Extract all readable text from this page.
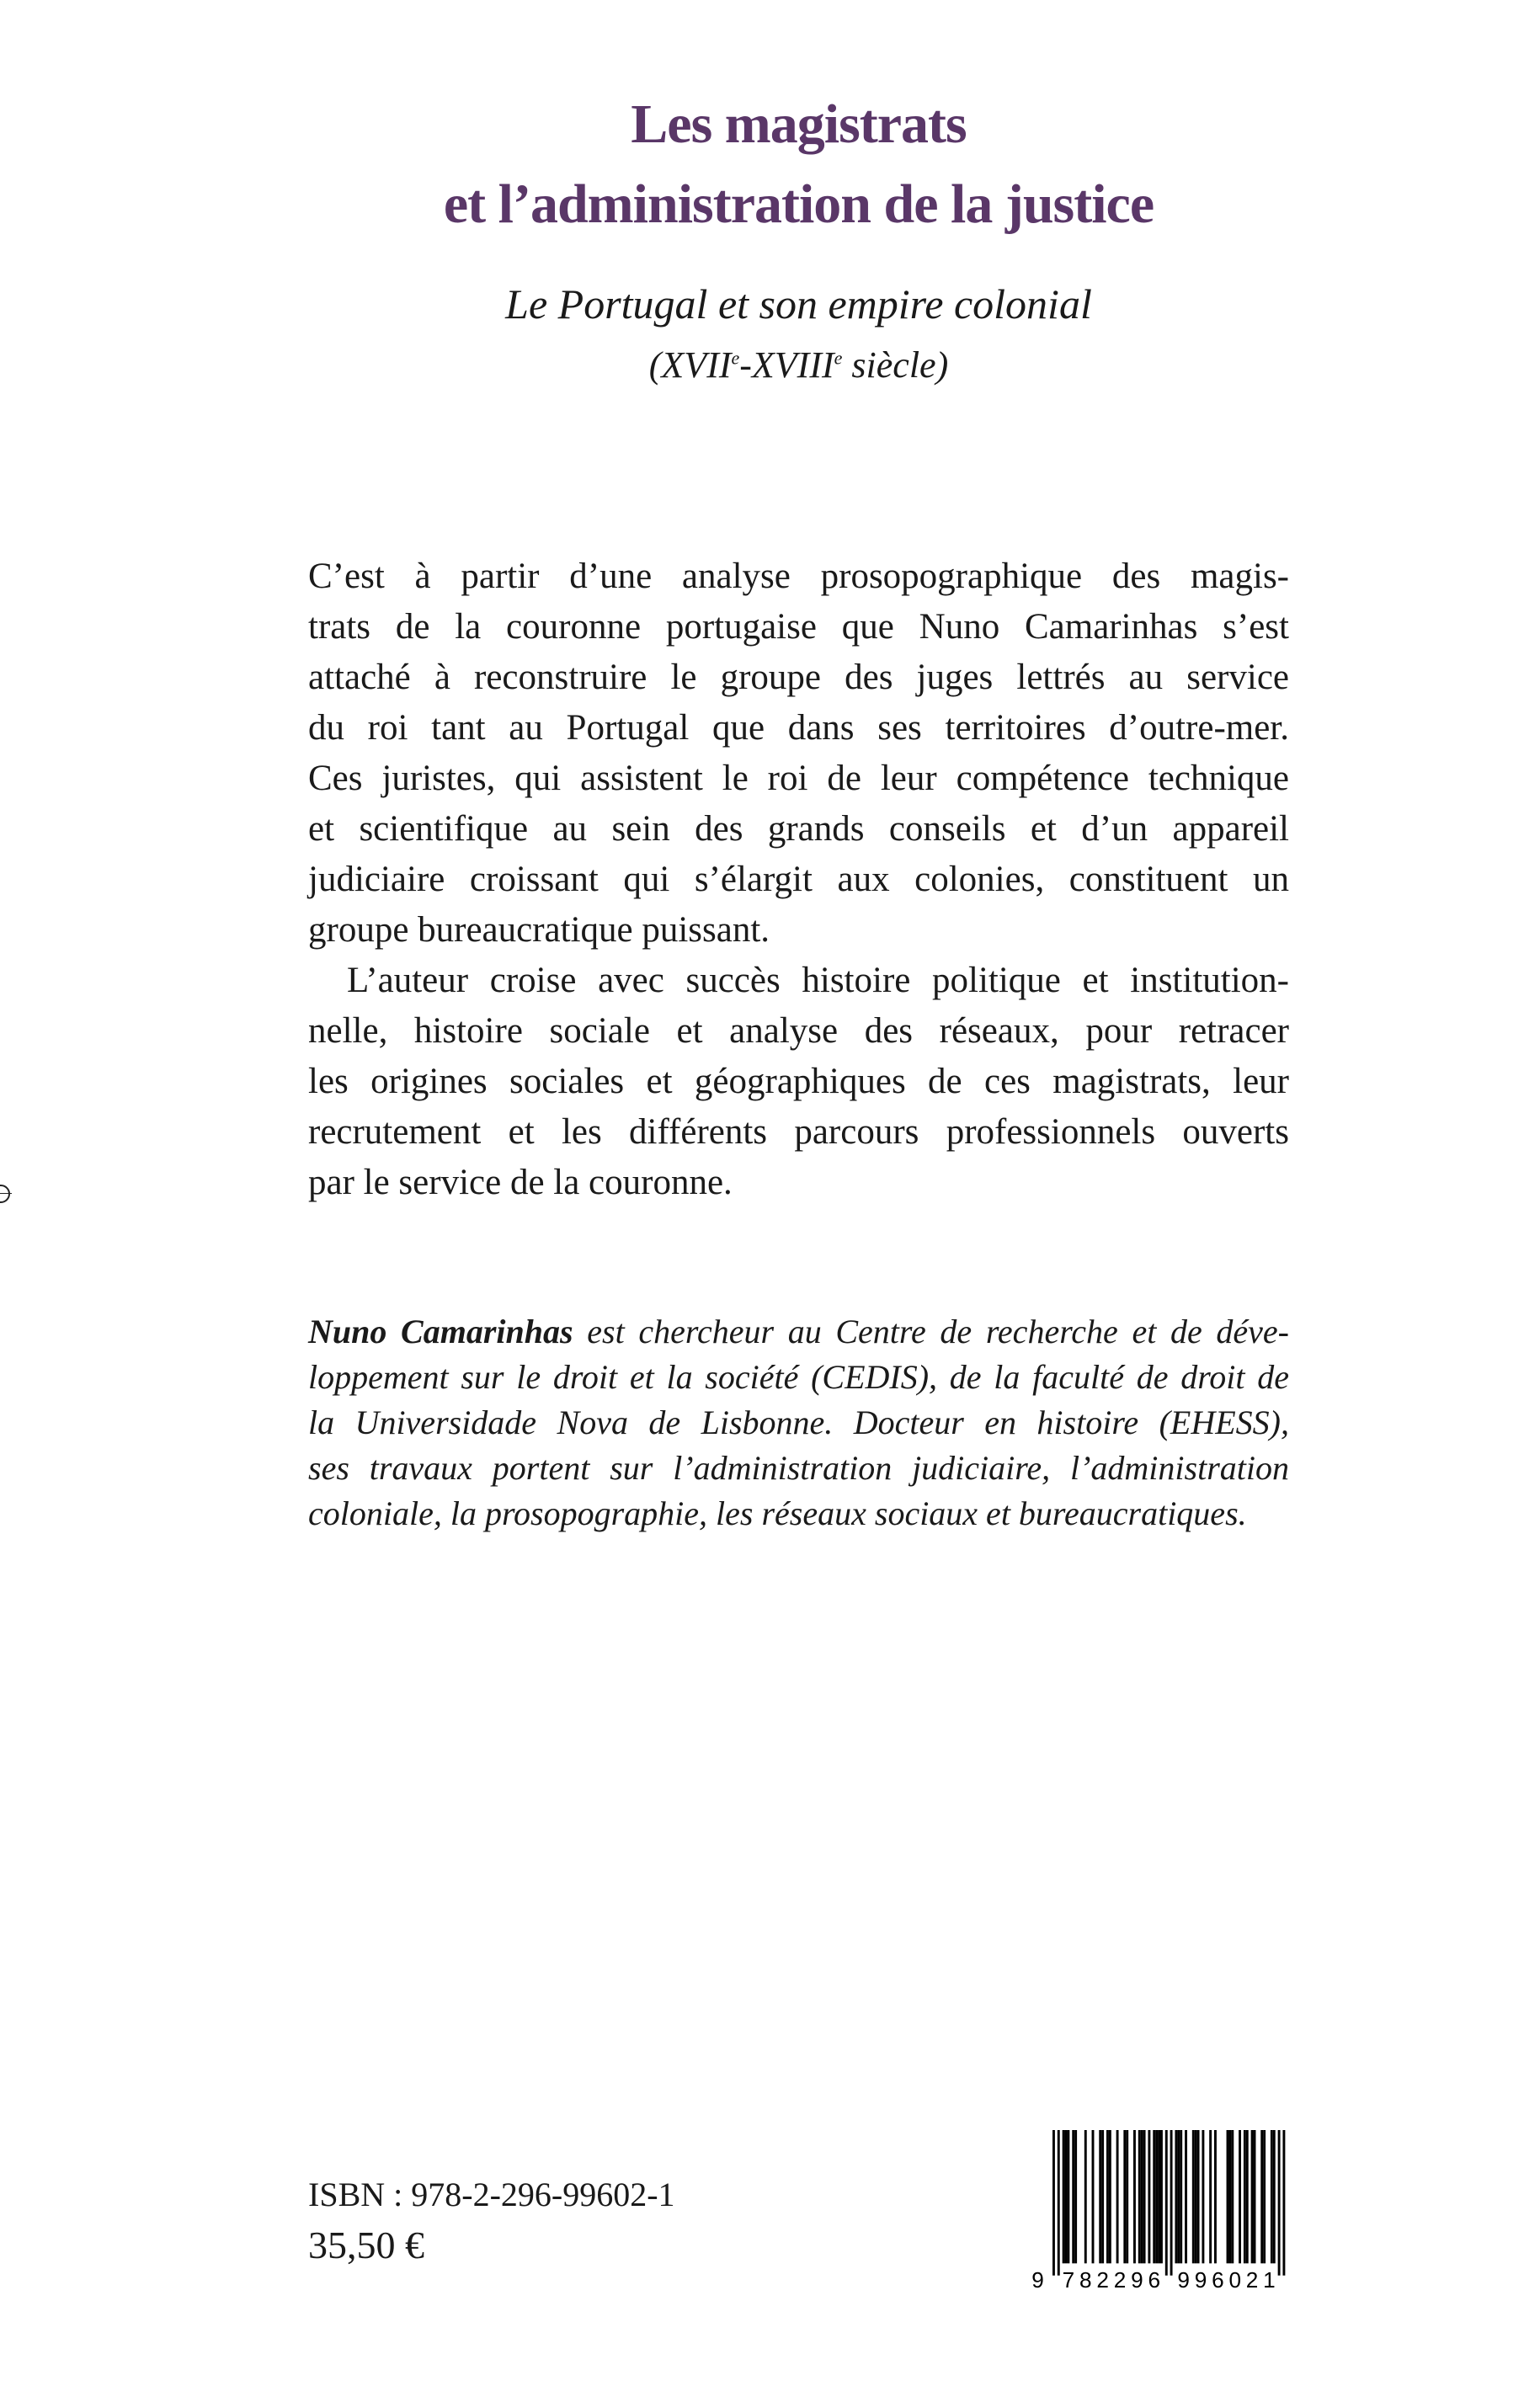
Les magistrats
et l’administration de la justice
Le Portugal et son empire colonial
(XVIIe-XVIIIe siècle)
C’est à partir d’une analyse prosopographique des magis-
trats de la couronne portugaise que Nuno Camarinhas s’est
attaché à reconstruire le groupe des juges lettrés au service
du roi tant au Portugal que dans ses territoires d’outre-mer.
Ces juristes, qui assistent le roi de leur compétence technique
et scientifique au sein des grands conseils et d’un appareil
judiciaire croissant qui s’élargit aux colonies, constituent un
groupe bureaucratique puissant.
L’auteur croise avec succès histoire politique et institution-
nelle, histoire sociale et analyse des réseaux, pour retracer
les origines sociales et géographiques de ces magistrats, leur
recrutement et les différents parcours professionnels ouverts
par le service de la couronne.
Nuno Camarinhas est chercheur au Centre de recherche et de déve-
loppement sur le droit et la société (CEDIS), de la faculté de droit de
la Universidade Nova de Lisbonne. Docteur en histoire (EHESS),
ses travaux portent sur l’administration judiciaire, l’administration
coloniale, la prosopographie, les réseaux sociaux et bureaucratiques.
ISBN : 978-2-296-99602-1
35,50 €
9 7 8 2 2 9 6 9 9 6 0 2 1
